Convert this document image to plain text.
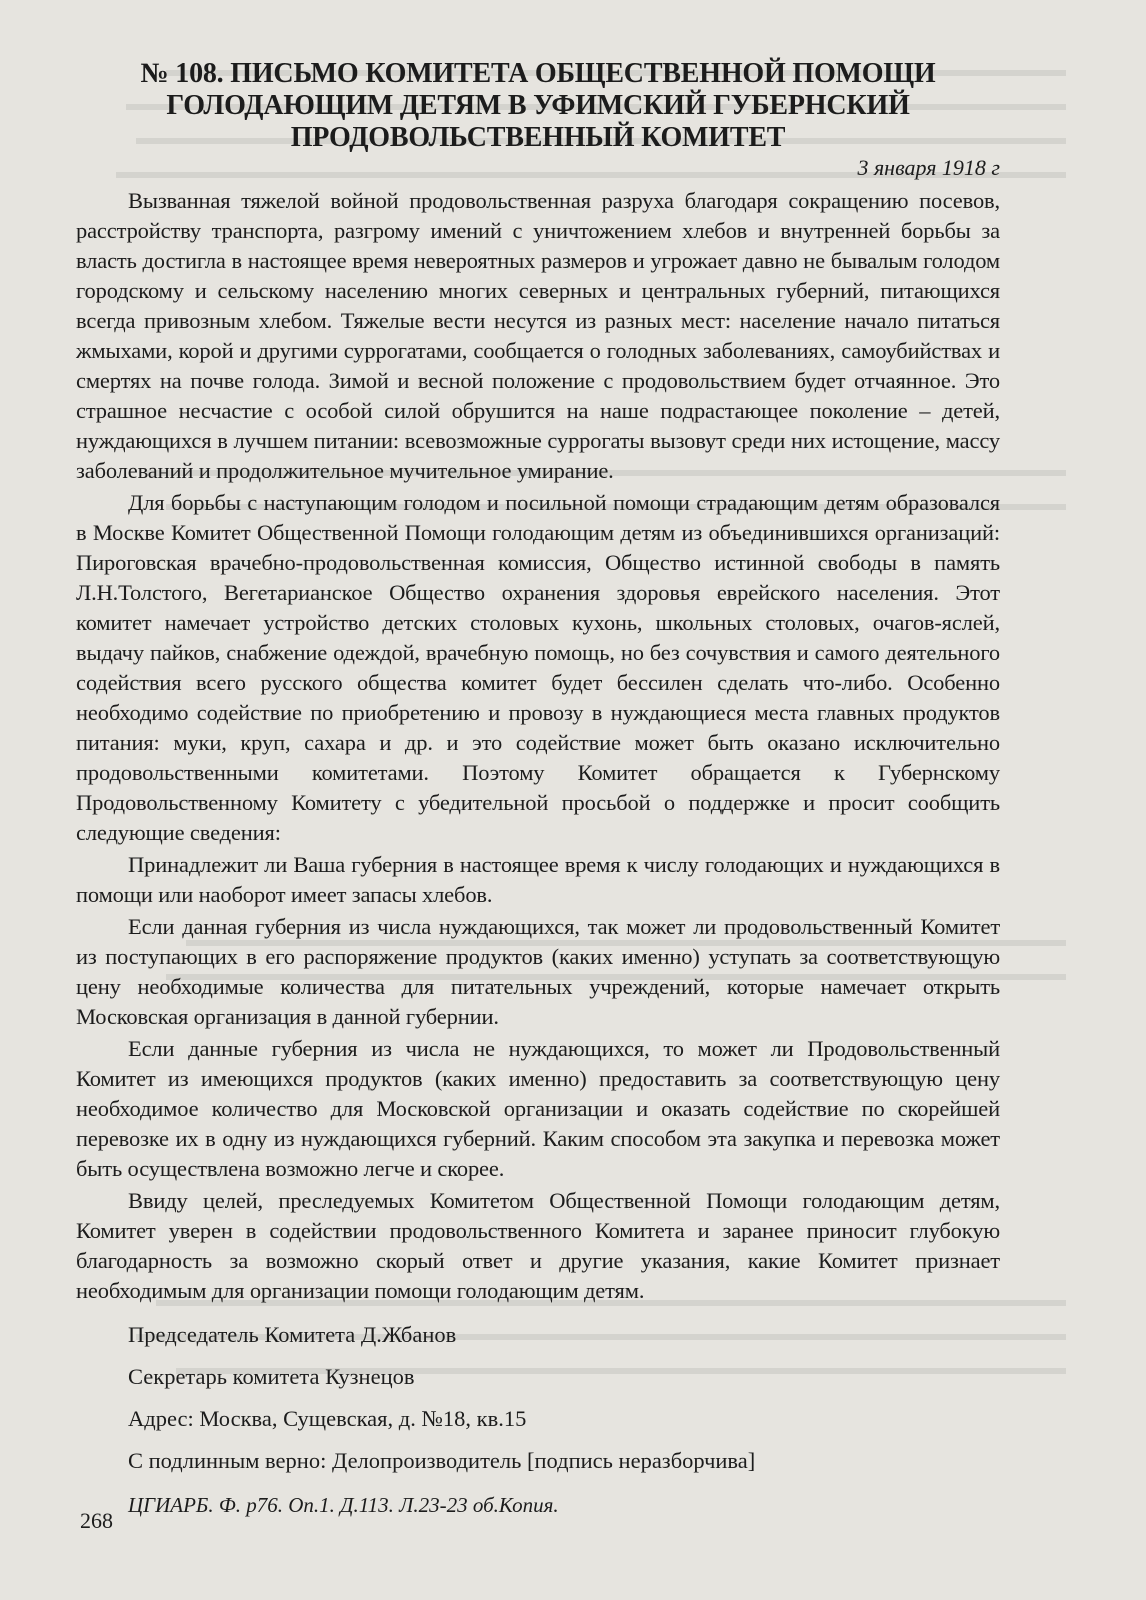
№ 108. ПИСЬМО КОМИТЕТА ОБЩЕСТВЕННОЙ ПОМОЩИ
ГОЛОДАЮЩИМ ДЕТЯМ В УФИМСКИЙ ГУБЕРНСКИЙ
ПРОДОВОЛЬСТВЕННЫЙ КОМИТЕТ

3 января 1918 г

Вызванная тяжелой войной продовольственная разруха благодаря сокращению посевов, расстройству транспорта, разгрому имений с уничтожением хлебов и внутренней борьбы за власть достигла в настоящее время невероятных размеров и угрожает давно не бывалым голодом городскому и сельскому населению многих северных и центральных губерний, питающихся всегда привозным хлебом. Тяжелые вести несутся из разных мест: население начало питаться жмыхами, корой и другими суррогатами, сообщается о голодных заболеваниях, самоубийствах и смертях на почве голода. Зимой и весной положение с продовольствием будет отчаянное. Это страшное несчастие с особой силой обрушится на наше подрастающее поколение – детей, нуждающихся в лучшем питании: всевозможные суррогаты вызовут среди них истощение, массу заболеваний и продолжительное мучительное умирание.

Для борьбы с наступающим голодом и посильной помощи страдающим детям образовался в Москве Комитет Общественной Помощи голодающим детям из объединившихся организаций: Пироговская врачебно-продовольственная комиссия, Общество истинной свободы в память Л.Н.Толстого, Вегетарианское Общество охранения здоровья еврейского населения. Этот комитет намечает устройство детских столовых кухонь, школьных столовых, очагов-яслей, выдачу пайков, снабжение одеждой, врачебную помощь, но без сочувствия и самого деятельного содействия всего русского общества комитет будет бессилен сделать что-либо. Особенно необходимо содействие по приобретению и провозу в нуждающиеся места главных продуктов питания: муки, круп, сахара и др. и это содействие может быть оказано исключительно продовольственными комитетами. Поэтому Комитет обращается к Губернскому Продовольственному Комитету с убедительной просьбой о поддержке и просит сообщить следующие сведения:

Принадлежит ли Ваша губерния в настоящее время к числу голодающих и нуждающихся в помощи или наоборот имеет запасы хлебов.

Если данная губерния из числа нуждающихся, так может ли продовольственный Комитет из поступающих в его распоряжение продуктов (каких именно) уступать за соответствующую цену необходимые количества для питательных учреждений, которые намечает открыть Московская организация в данной губернии.

Если данные губерния из числа не нуждающихся, то может ли Продовольственный Комитет из имеющихся продуктов (каких именно) предоставить за соответствующую цену необходимое количество для Московской организации и оказать содействие по скорейшей перевозке их в одну из нуждающихся губерний. Каким способом эта закупка и перевозка может быть осуществлена возможно легче и скорее.

Ввиду целей, преследуемых Комитетом Общественной Помощи голодающим детям, Комитет уверен в содействии продовольственного Комитета и заранее приносит глубокую благодарность за возможно скорый ответ и другие указания, какие Комитет признает необходимым для организации помощи голодающим детям.

Председатель Комитета Д.Жбанов

Секретарь комитета Кузнецов

Адрес: Москва, Сущевская, д. №18, кв.15

С подлинным верно: Делопроизводитель [подпись неразборчива]

ЦГИАРБ. Ф. р76. Оп.1. Д.113. Л.23-23 об.Копия.

268
